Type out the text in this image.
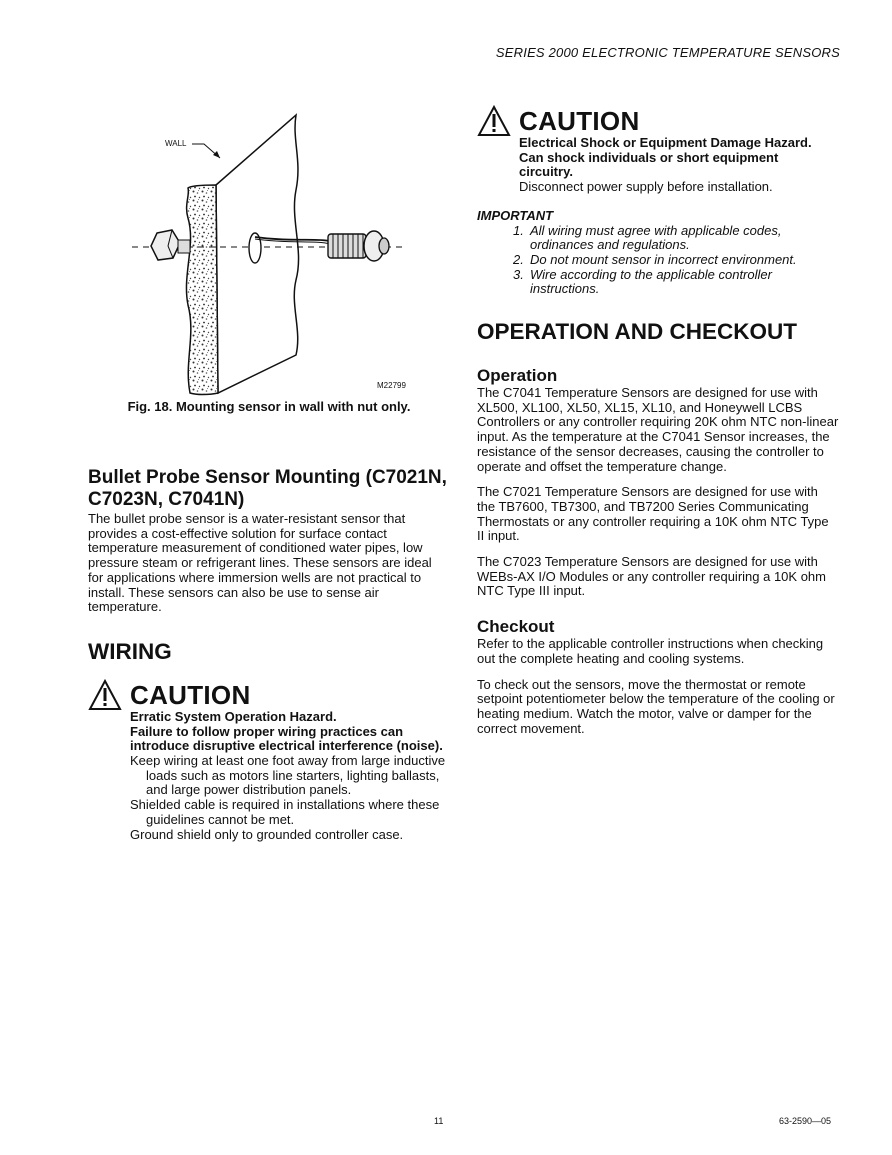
SERIES 2000 ELECTRONIC TEMPERATURE SENSORS
WALL
M22799
Fig. 18. Mounting sensor in wall with nut only.
Bullet Probe Sensor Mounting (C7021N,
C7023N, C7041N)

The bullet probe sensor is a water-resistant sensor that provides a cost-effective solution for surface contact temperature measurement of conditioned water pipes, low pressure steam or refrigerant lines. These sensors are ideal for applications where immersion wells are not practical to install. These sensors can also be use to sense air temperature.

WIRING
CAUTION
Erratic System Operation Hazard.
Failure to follow proper wiring practices can introduce disruptive electrical interference (noise).

Keep wiring at least one foot away from large inductive loads such as motors line starters, lighting ballasts, and large power distribution panels.

Shielded cable is required in installations where these guidelines cannot be met.

Ground shield only to grounded controller case.

CAUTION
Electrical Shock or Equipment Damage Hazard.
Can shock individuals or short equipment circuitry.

Disconnect power supply before installation.

IMPORTANT
1. All wiring must agree with applicable codes, ordinances and regulations.
2. Do not mount sensor in incorrect environment.
3. Wire according to the applicable controller instructions.
OPERATION AND CHECKOUT
Operation

The C7041 Temperature Sensors are designed for use with XL500, XL100, XL50, XL15, XL10, and Honeywell LCBS Controllers or any controller requiring 20K ohm NTC non-linear input. As the temperature at the C7041 Sensor increases, the resistance of the sensor decreases, causing the controller to operate and offset the temperature change.

The C7021 Temperature Sensors are designed for use with the TB7600, TB7300, and TB7200 Series Communicating Thermostats or any controller requiring a 10K ohm NTC Type II input.

The C7023 Temperature Sensors are designed for use with WEBs-AX I/O Modules or any controller requiring a 10K ohm NTC Type III input.

Checkout

Refer to the applicable controller instructions when checking out the complete heating and cooling systems.

To check out the sensors, move the thermostat or remote setpoint potentiometer below the temperature of the cooling or heating medium. Watch the motor, valve or damper for the correct movement.

11	63-2590—05
